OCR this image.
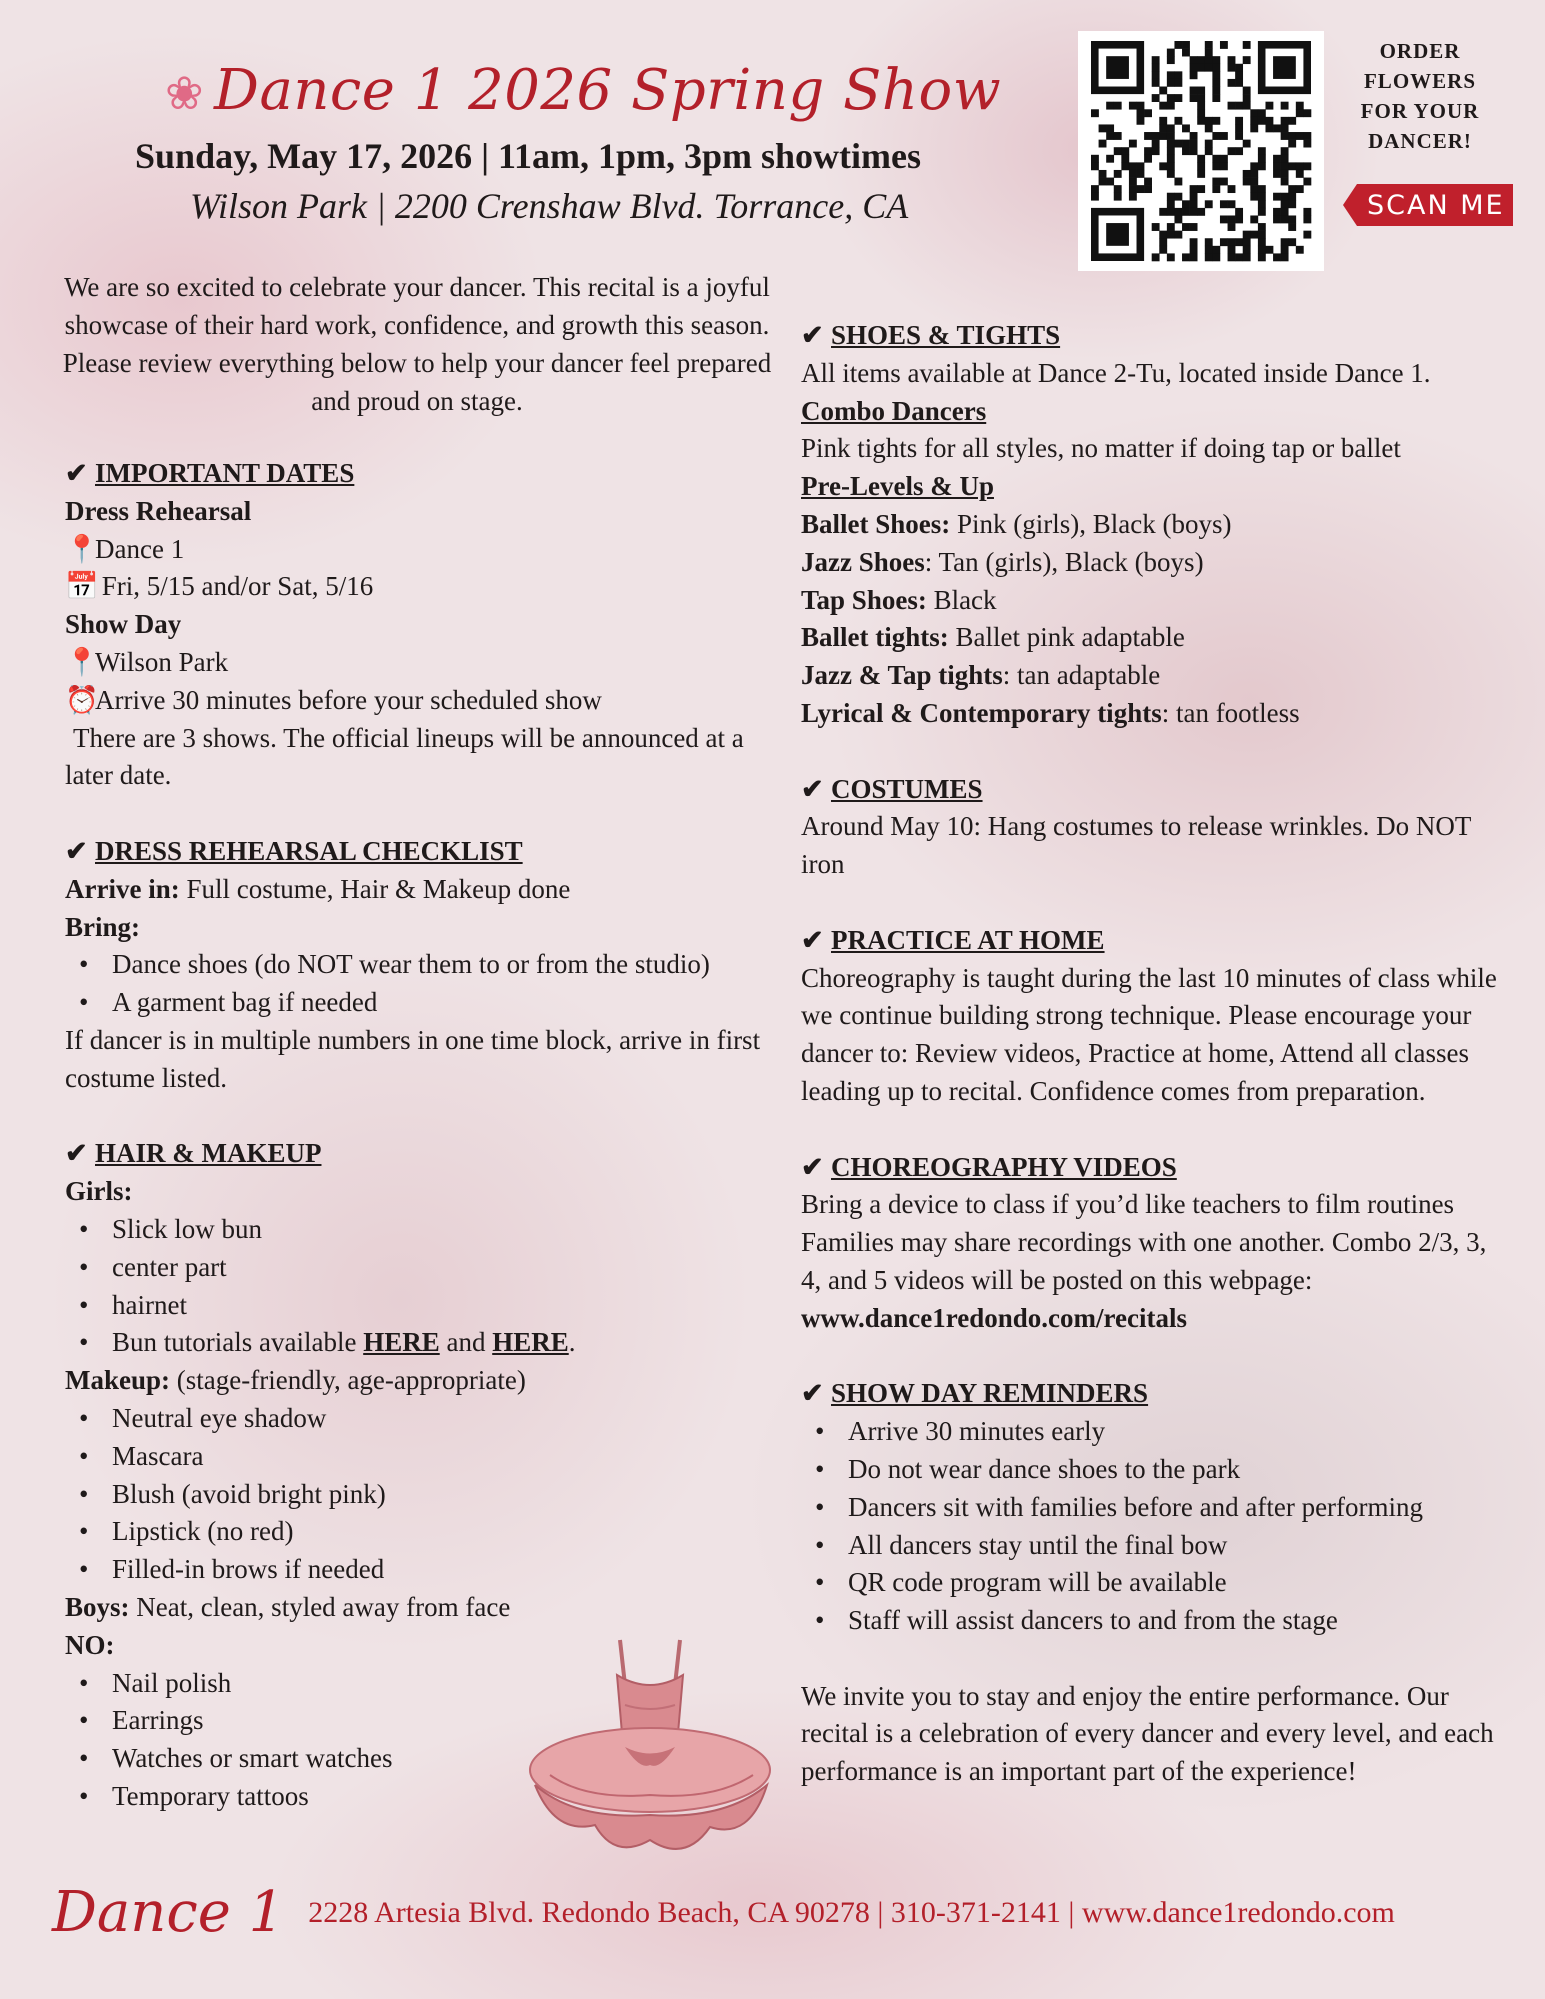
❀ Dance 1 2026 Spring Show
Sunday, May 17, 2026 | 11am, 1pm, 3pm showtimes
Wilson Park | 2200 Crenshaw Blvd. Torrance, CA
ORDER
FLOWERS
FOR YOUR
DANCER!
SCAN ME
We are so excited to celebrate your dancer. This recital is a joyful showcase of their hard work, confidence, and growth this season. Please review everything below to help your dancer feel prepared and proud on stage.
✔ IMPORTANT DATES
Dress Rehearsal
📍Dance 1
📅 Fri, 5/15 and/or Sat, 5/16
Show Day
📍Wilson Park
⏰Arrive 30 minutes before your scheduled show
There are 3 shows. The official lineups will be announced at a later date.
✔ DRESS REHEARSAL CHECKLIST
Arrive in: Full costume, Hair & Makeup done
Bring:
• Dance shoes (do NOT wear them to or from the studio)
• A garment bag if needed
If dancer is in multiple numbers in one time block, arrive in first costume listed.
✔ HAIR & MAKEUP
Girls:
• Slick low bun
• center part
• hairnet
• Bun tutorials available HERE and HERE.
Makeup: (stage-friendly, age-appropriate)
• Neutral eye shadow
• Mascara
• Blush (avoid bright pink)
• Lipstick (no red)
• Filled-in brows if needed
Boys: Neat, clean, styled away from face
NO:
• Nail polish
• Earrings
• Watches or smart watches
• Temporary tattoos
✔ SHOES & TIGHTS
All items available at Dance 2-Tu, located inside Dance 1.
Combo Dancers
Pink tights for all styles, no matter if doing tap or ballet
Pre-Levels & Up
Ballet Shoes: Pink (girls), Black (boys)
Jazz Shoes: Tan (girls), Black (boys)
Tap Shoes: Black
Ballet tights: Ballet pink adaptable
Jazz & Tap tights: tan adaptable
Lyrical & Contemporary tights: tan footless
✔ COSTUMES
Around May 10: Hang costumes to release wrinkles. Do NOT iron
✔ PRACTICE AT HOME
Choreography is taught during the last 10 minutes of class while we continue building strong technique. Please encourage your dancer to: Review videos, Practice at home, Attend all classes leading up to recital. Confidence comes from preparation.
✔ CHOREOGRAPHY VIDEOS
Bring a device to class if you’d like teachers to film routines Families may share recordings with one another. Combo 2/3, 3, 4, and 5 videos will be posted on this webpage:
www.dance1redondo.com/recitals
✔ SHOW DAY REMINDERS
• Arrive 30 minutes early
• Do not wear dance shoes to the park
• Dancers sit with families before and after performing
• All dancers stay until the final bow
• QR code program will be available
• Staff will assist dancers to and from the stage
We invite you to stay and enjoy the entire performance. Our recital is a celebration of every dancer and every level, and each performance is an important part of the experience!
Dance 1 2228 Artesia Blvd. Redondo Beach, CA 90278 | 310-371-2141 | www.dance1redondo.com
